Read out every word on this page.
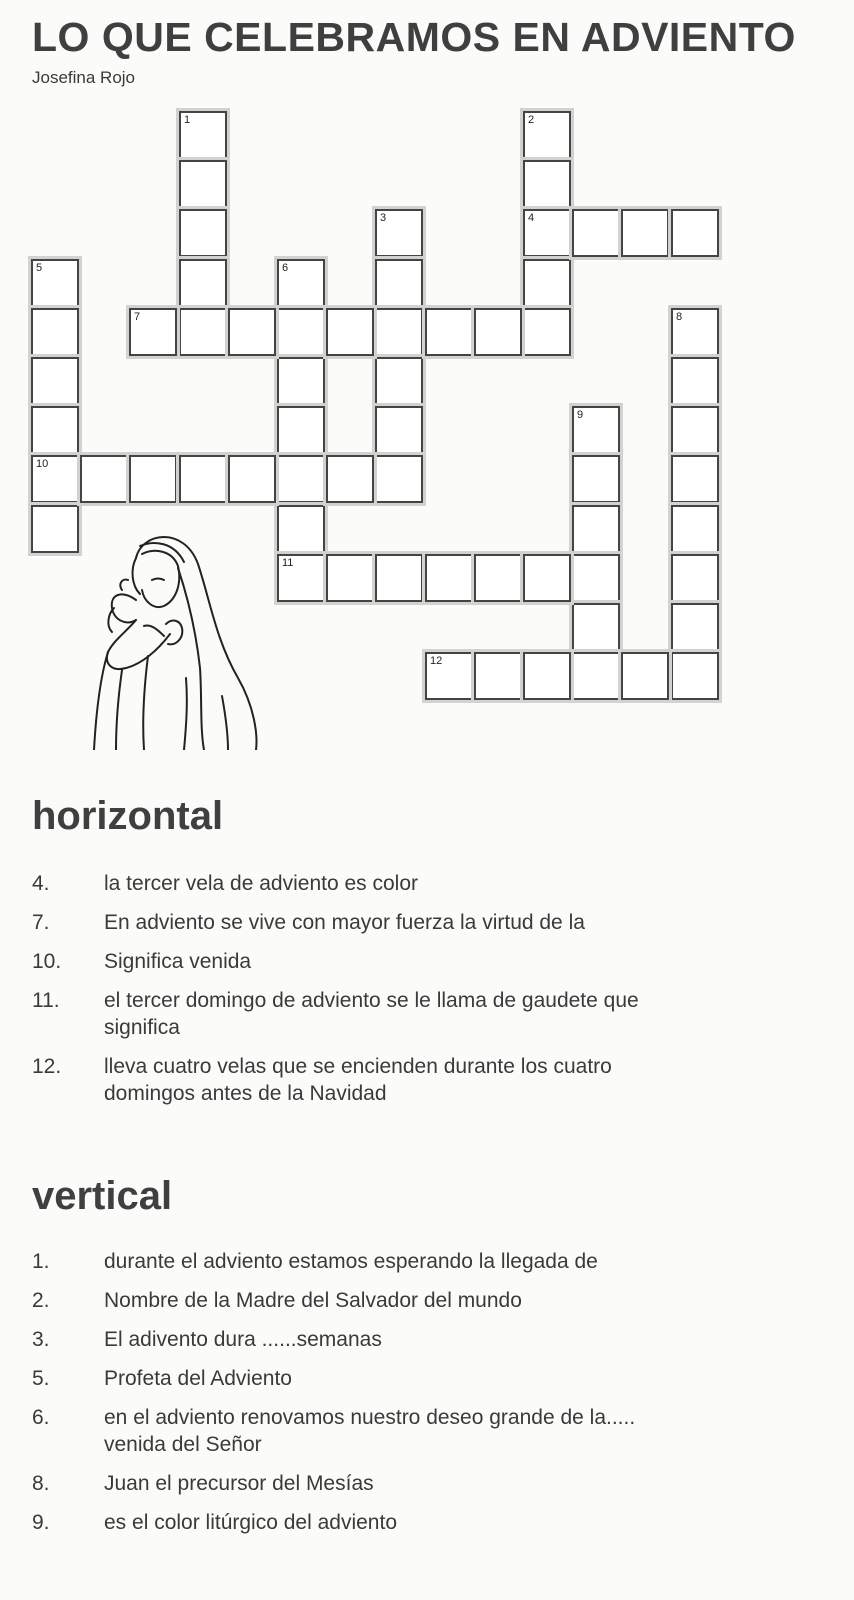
LO QUE CELEBRAMOS EN ADVIENTO
Josefina Rojo
1	2
4
3
5
10
6
11
7	8
9
12
horizontal
4.	la tercer vela de adviento es color
7.	En adviento se vive con mayor fuerza la virtud de la
10.	Significa venida
11.	el tercer domingo de adviento se le llama de gaudete que significa
12.	lleva cuatro velas que se encienden durante los cuatro domingos antes de la Navidad
vertical
1.	durante el adviento estamos esperando la llegada de
2.	Nombre de la Madre del Salvador del mundo
3.	El adivento dura ......semanas
5.	Profeta del Adviento
6.	en el adviento renovamos nuestro deseo grande de la.....                venida del Señor
8.	Juan el precursor del Mesías
9.	es el color litúrgico del adviento
